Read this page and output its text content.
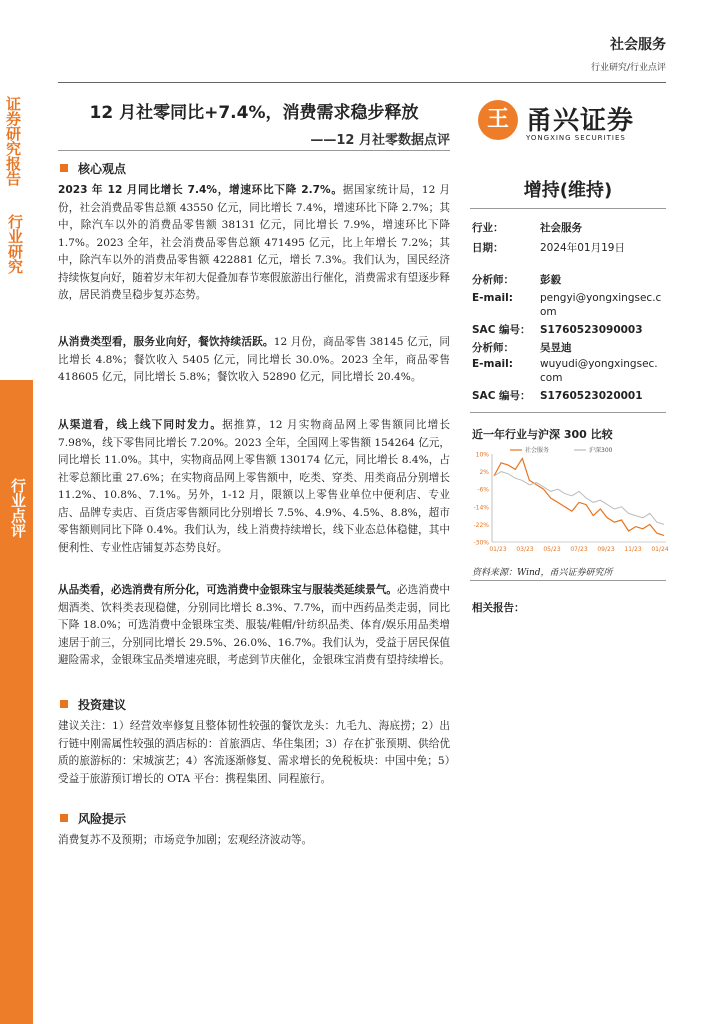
社会服务
行业研究/行业点评
证券研究报告
行业研究
行业点评
12 月社零同比+7.4%，消费需求稳步释放
——12 月社零数据点评
王 甬兴证券
YONGXING SECURITIES
核心观点
2023 年 12 月同比增长 7.4%，增速环比下降 2.7%。据国家统计局，12 月份，社会消费品零售总额 43550 亿元，同比增长 7.4%，增速环比下降 2.7%；其中，除汽车以外的消费品零售额 38131 亿元，同比增长 7.9%，增速环比下降 1.7%。2023 全年，社会消费品零售总额 471495 亿元，比上年增长 7.2%；其中，除汽车以外的消费品零售额 422881 亿元，增长 7.3%。我们认为，国民经济持续恢复向好，随着岁末年初大促叠加春节寒假旅游出行催化，消费需求有望逐步释放，居民消费呈稳步复苏态势。
从消费类型看，服务业向好，餐饮持续活跃。12 月份，商品零售 38145 亿元，同比增长 4.8%；餐饮收入 5405 亿元，同比增长 30.0%。2023 全年，商品零售 418605 亿元，同比增长 5.8%；餐饮收入 52890 亿元，同比增长 20.4%。
从渠道看，线上线下同时发力。据推算，12 月实物商品网上零售额同比增长 7.98%，线下零售同比增长 7.20%。2023 全年，全国网上零售额 154264 亿元，同比增长 11.0%。其中，实物商品网上零售额 130174 亿元，同比增长 8.4%，占社零总额比重 27.6%；在实物商品网上零售额中，吃类、穿类、用类商品分别增长 11.2%、10.8%、7.1%。另外，1-12 月，限额以上零售业单位中便利店、专业店、品牌专卖店、百货店零售额同比分别增长 7.5%、4.9%、4.5%、8.8%，超市零售额则同比下降 0.4%。我们认为，线上消费持续增长，线下业态总体稳健，其中便利性、专业性店铺复苏态势良好。
从品类看，必选消费有所分化，可选消费中金银珠宝与服装类延续景气。必选消费中烟酒类、饮料类表现稳健，分别同比增长 8.3%、7.7%，而中西药品类走弱，同比下降 18.0%；可选消费中金银珠宝类、服装/鞋帽/针纺织品类、体育/娱乐用品类增速居于前三，分别同比增长 29.5%、26.0%、16.7%。我们认为，受益于居民保值避险需求，金银珠宝品类增速亮眼，考虑到节庆催化，金银珠宝消费有望持续增长。
投资建议
建议关注：1）经营效率修复且整体韧性较强的餐饮龙头：九毛九、海底捞；2）出行链中刚需属性较强的酒店标的：首旅酒店、华住集团；3）存在扩张预期、供给优质的旅游标的：宋城演艺；4）客流逐渐修复、需求增长的免税板块：中国中免；5）受益于旅游预订增长的 OTA 平台：携程集团、同程旅行。
风险提示
消费复苏不及预期；市场竞争加剧；宏观经济波动等。
增持(维持)
行业：	社会服务
日期：	2024年01月19日
分析师： 彭毅
E-mail:	pengyi@yongxingsec.c
om
SAC 编号： S1760523090003
分析师： 吴昱迪
E-mail:	wuyudi@yongxingsec.
com
SAC 编号： S1760523020001
近一年行业与沪深 300 比较
10%
2%
-6%
-14%
-22%
-30%
01/23 03/23 05/23 07/23 09/23 11/23 01/24
社会服务	沪深300
资料来源：Wind，甬兴证券研究所
相关报告：
